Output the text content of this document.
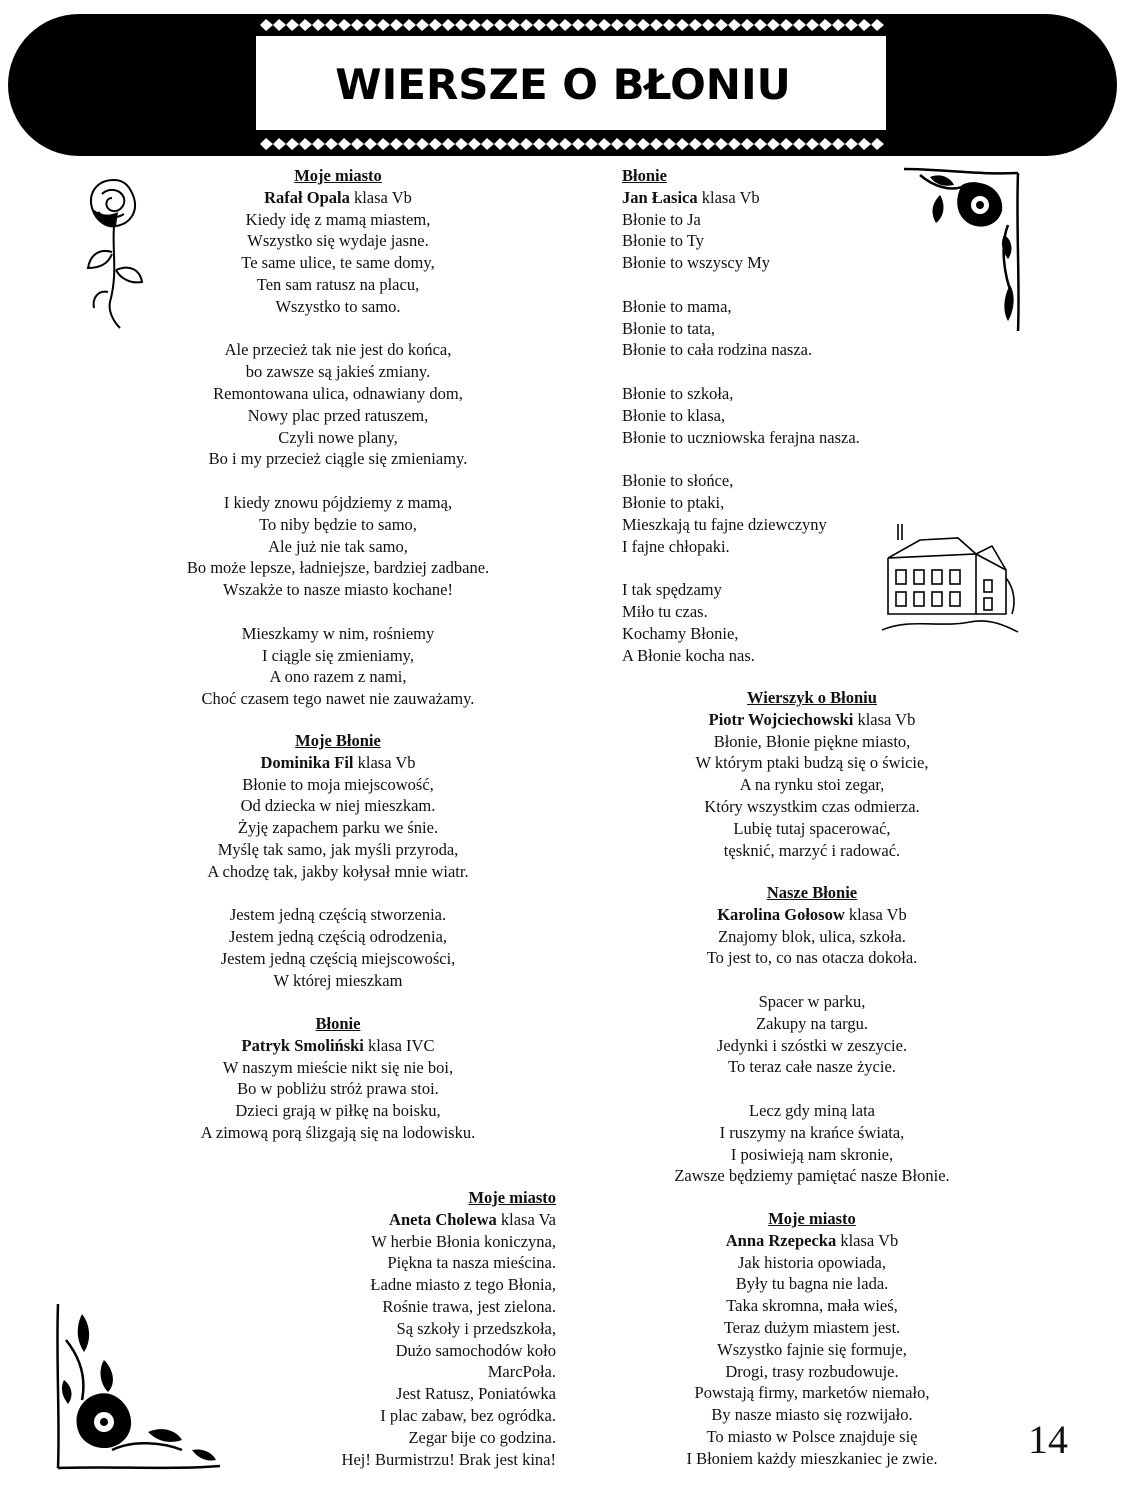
WIERSZE O BŁONIU
Moje miasto
Rafał Opala klasa Vb
Kiedy idę z mamą miastem,
Wszystko się wydaje jasne.
Te same ulice, te same domy,
Ten sam ratusz na placu,
Wszystko to samo.
Ale przecież tak nie jest do końca,
bo zawsze są jakieś zmiany.
Remontowana ulica, odnawiany dom,
Nowy plac przed ratuszem,
Czyli nowe plany,
Bo i my przecież ciągle się zmieniamy.
I kiedy znowu pójdziemy z mamą,
To niby będzie to samo,
Ale już nie tak samo,
Bo może lepsze, ładniejsze, bardziej zadbane.
Wszakże to nasze miasto kochane!
Mieszkamy w nim, rośniemy
I ciągle się zmieniamy,
A ono razem z nami,
Choć czasem tego nawet nie zauważamy.
Moje Błonie
Dominika Fil klasa Vb
Błonie to moja miejscowość,
Od dziecka w niej mieszkam.
Żyję zapachem parku we śnie.
Myślę tak samo, jak myśli przyroda,
A chodzę tak, jakby kołysał mnie wiatr.
Jestem jedną częścią stworzenia.
Jestem jedną częścią odrodzenia,
Jestem jedną częścią miejscowości,
W której mieszkam
Błonie
Patryk Smoliński klasa IVC
W naszym mieście nikt się nie boi,
Bo w pobliżu stróż prawa stoi.
Dzieci grają w piłkę na boisku,
A zimową porą ślizgają się na lodowisku.
Moje miasto
Aneta Cholewa klasa Va
W herbie Błonia koniczyna,
Piękna ta nasza mieścina.
Ładne miasto z tego Błonia,
Rośnie trawa, jest zielona.
Są szkoły i przedszkoła,
Dużo samochodów koło
MarcPoła.
Jest Ratusz, Poniatówka
I plac zabaw, bez ogródka.
Zegar bije co godzina.
Hej! Burmistrzu! Brak jest kina!
Błonie
Jan Łasica klasa Vb
Błonie to Ja
Błonie to Ty
Błonie to wszyscy My
Błonie to mama,
Błonie to tata,
Błonie to cała rodzina nasza.
Błonie to szkoła,
Błonie to klasa,
Błonie to uczniowska ferajna nasza.
Błonie to słońce,
Błonie to ptaki,
Mieszkają tu fajne dziewczyny
I fajne chłopaki.
I tak spędzamy
Miło tu czas.
Kochamy Błonie,
A Błonie kocha nas.
Wierszyk o Błoniu
Piotr Wojciechowski klasa Vb
Błonie, Błonie piękne miasto,
W którym ptaki budzą się o świcie,
A na rynku stoi zegar,
Który wszystkim czas odmierza.
Lubię tutaj spacerować,
tęsknić, marzyć i radować.
Nasze Błonie
Karolina Gołosow klasa Vb
Znajomy blok, ulica, szkoła.
To jest to, co nas otacza dokoła.
Spacer w parku,
Zakupy na targu.
Jedynki i szóstki w zeszycie.
To teraz całe nasze życie.
Lecz gdy miną lata
I ruszymy na krańce świata,
I posiwieją nam skronie,
Zawsze będziemy pamiętać nasze Błonie.
Moje miasto
Anna Rzepecka klasa Vb
Jak historia opowiada,
Były tu bagna nie lada.
Taka skromna, mała wieś,
Teraz dużym miastem jest.
Wszystko fajnie się formuje,
Drogi, trasy rozbudowuje.
Powstają firmy, marketów niemało,
By nasze miasto się rozwijało.
To miasto w Polsce znajduje się
I Błoniem każdy mieszkaniec je zwie.	14
